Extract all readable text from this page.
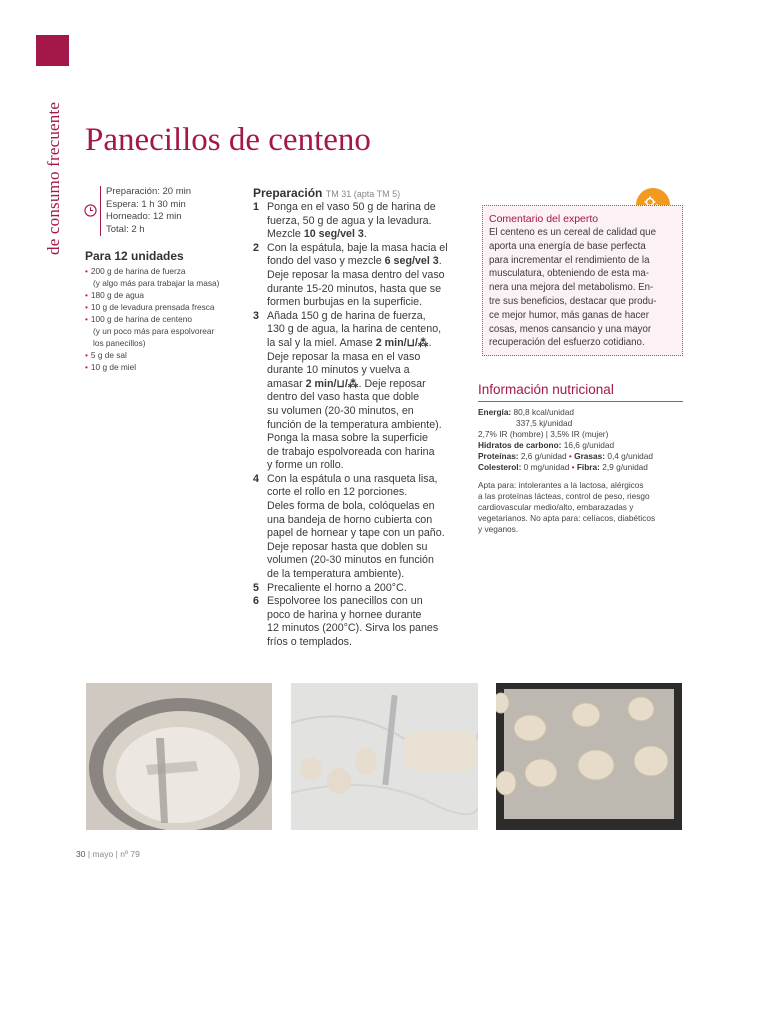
de consumo frecuente Panecillos de centeno
Preparación: 20 min
Espera: 1 h 30 min
Horneado: 12 min
Total: 2 h
Para 12 unidades
• 200 g de harina de fuerza
(y algo más para trabajar la masa)
• 180 g de agua
• 10 g de levadura prensada fresca
• 100 g de harina de centeno
(y un poco más para espolvorear
los panecillos)
• 5 g de sal
• 10 g de miel
Preparación TM 31 (apta TM 5)
1 Ponga en el vaso 50 g de harina de
fuerza, 50 g de agua y la levadura.
Mezcle 10 seg/vel 3.
2 Con la espátula, baje la masa hacia el
fondo del vaso y mezcle 6 seg/vel 3.
Deje reposar la masa dentro del vaso
durante 15-20 minutos, hasta que se
formen burbujas en la superficie.
3 Añada 150 g de harina de fuerza,
130 g de agua, la harina de centeno,
la sal y la miel. Amase 2 min/⊔/⁂.
Deje reposar la masa en el vaso
durante 10 minutos y vuelva a
amasar 2 min/⊔/⁂. Deje reposar
dentro del vaso hasta que doble
su volumen (20-30 minutos, en
función de la temperatura ambiente).
Ponga la masa sobre la superficie
de trabajo espolvoreada con harina
y forme un rollo.
4 Con la espátula o una rasqueta lisa,
corte el rollo en 12 porciones.
Deles forma de bola, colóquelas en
una bandeja de horno cubierta con
papel de hornear y tape con un paño.
Deje reposar hasta que doblen su
volumen (20-30 minutos en función
de la temperatura ambiente).
5 Precaliente el horno a 200°C.
6 Espolvoree los panecillos con un
poco de harina y hornee durante
12 minutos (200°C). Sirva los panes
fríos o templados.
Comentario del experto
El centeno es un cereal de calidad que
aporta una energía de base perfecta
para incrementar el rendimiento de la
musculatura, obteniendo de esta ma-
nera una mejora del metabolismo. En-
tre sus beneficios, destacar que produ-
ce mejor humor, más ganas de hacer
cosas, menos cansancio y una mayor
recuperación del esfuerzo cotidiano.
Información nutricional
Energía: 80,8 kcal/unidad
337,5 kj/unidad
2,7% IR (hombre) | 3,5% IR (mujer)
Hidratos de carbono: 16,6 g/unidad
Proteínas: 2,6 g/unidad • Grasas: 0,4 g/unidad
Colesterol: 0 mg/unidad • Fibra: 2,9 g/unidad
Apta para: intolerantes a la lactosa, alérgicos
a las proteínas lácteas, control de peso, riesgo
cardiovascular medio/alto, embarazadas y
vegetarianos. No apta para: celíacos, diabéticos
y veganos.
30 | mayo | nº 79
